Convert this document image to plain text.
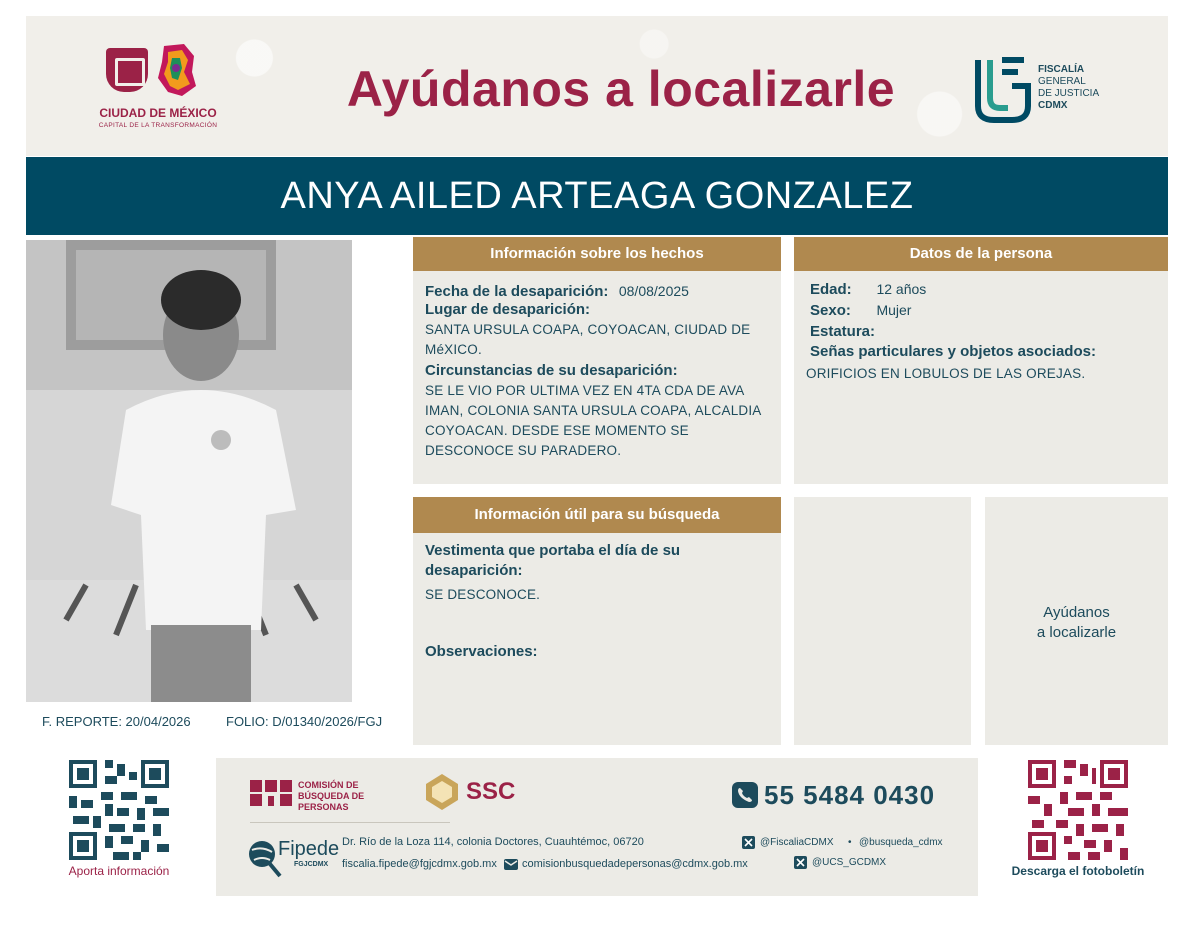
CIUDAD DE MÉXICO
CAPITAL DE LA TRANSFORMACIÓN
Ayúdanos a localizarle	FISCALÍA
GENERAL
DE JUSTICIA
CDMX
ANYA AILED ARTEAGA GONZALEZ
F. REPORTE: 20/04/2026	FOLIO: D/01340/2026/FGJ
Información sobre los hechos
Fecha de la desaparición: 08/08/2025
Lugar de desaparición:
SANTA URSULA COAPA, COYOACAN, CIUDAD DE MéXICO.
Circunstancias de su desaparición:
SE LE VIO POR ULTIMA VEZ EN 4TA CDA DE AVA IMAN, COLONIA SANTA URSULA COAPA, ALCALDIA COYOACAN. DESDE ESE MOMENTO SE DESCONOCE SU PARADERO.
Datos de la persona
Edad: 12 años
Sexo: Mujer
Estatura:
Señas particulares y objetos asociados:
ORIFICIOS EN LOBULOS DE LAS OREJAS.
Información útil para su búsqueda
Vestimenta que portaba el día de su desaparición:
SE DESCONOCE.
Observaciones:
Ayúdanos
a localizarle
Aporta información	Descarga el fotoboletín
COMISIÓN DE BÚSQUEDA DE PERSONAS
SSC	55 5484 0430
Fipede
FGJCDMX
Dr. Río de la Loza 114, colonia Doctores, Cuauhtémoc, 06720
fiscalia.fipede@fgjcdmx.gob.mx comisionbusquedadepersonas@cdmx.gob.mx
@FiscaliaCDMX • @busqueda_cdmx
@UCS_GCDMX
